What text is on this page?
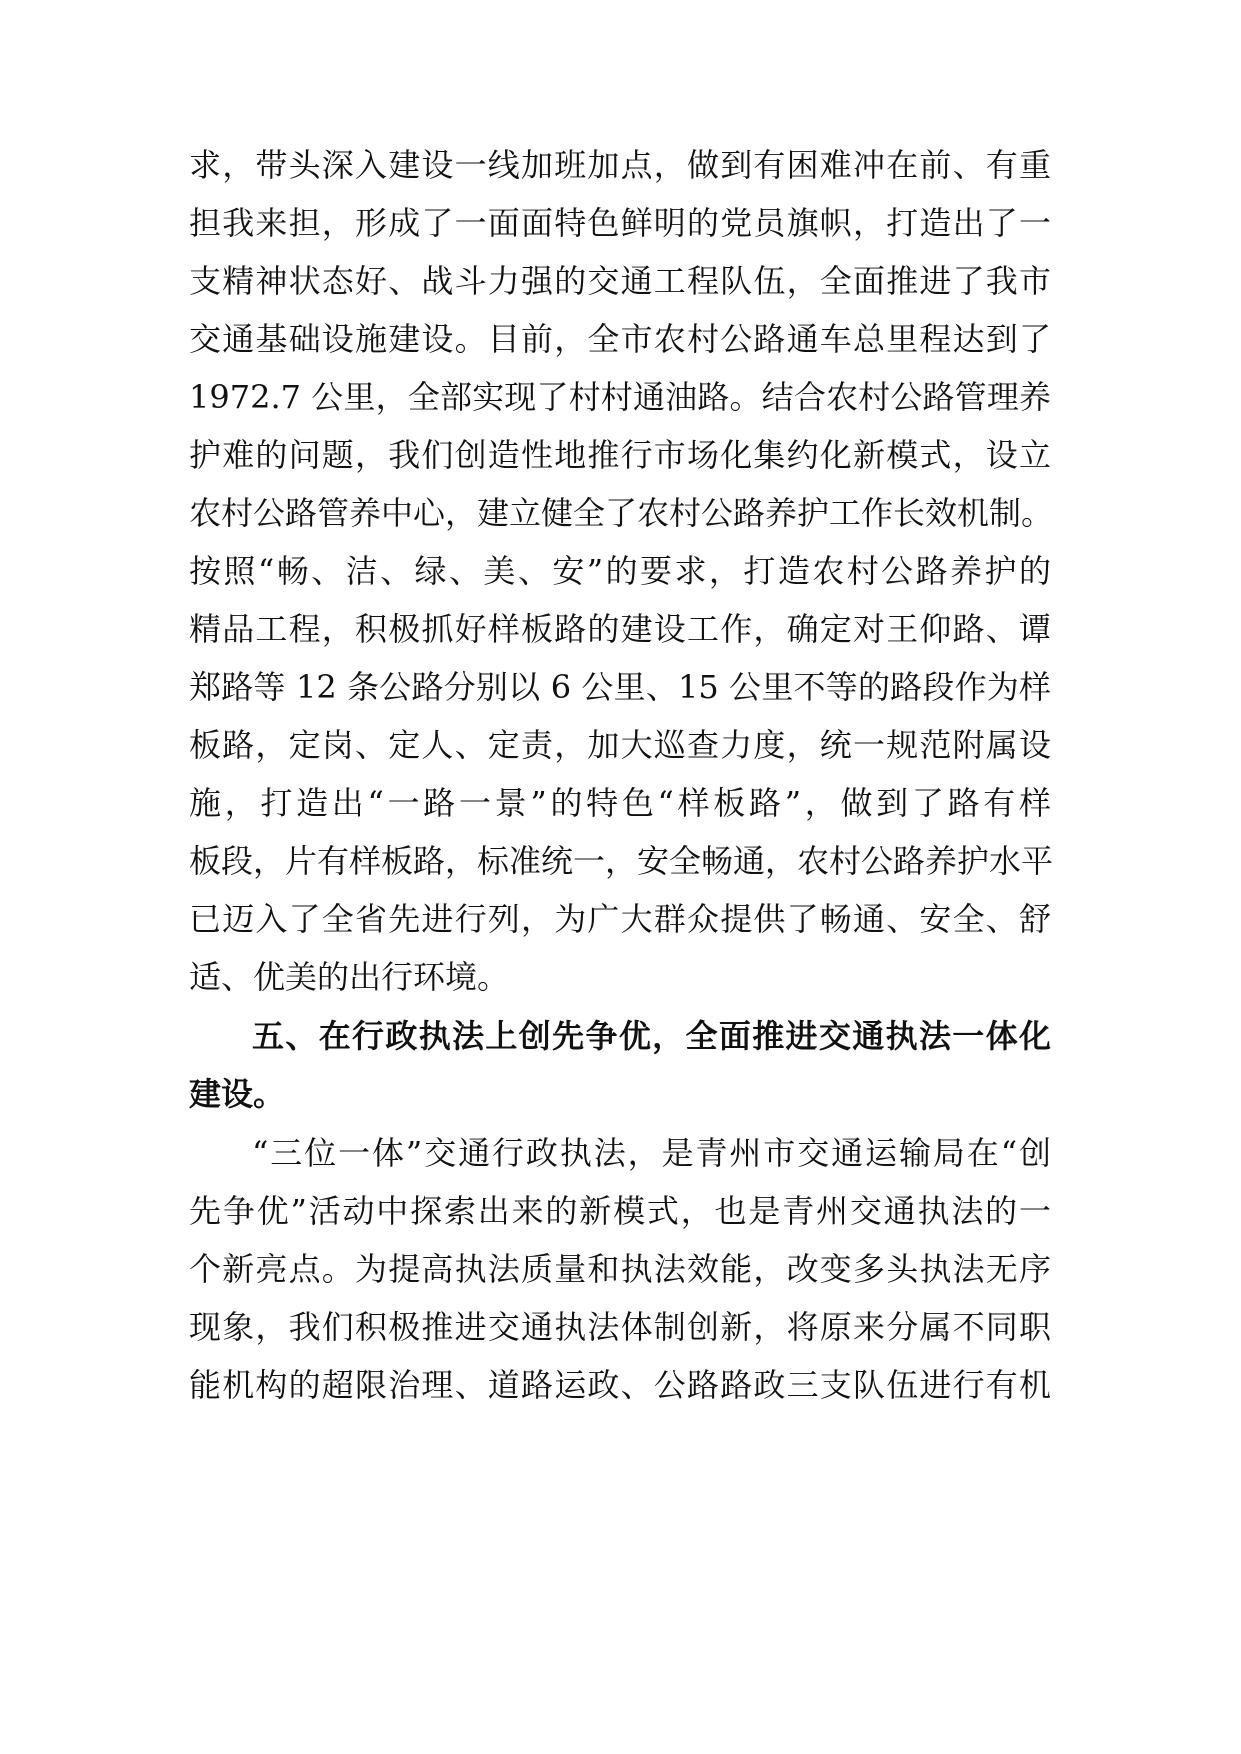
求，带头深入建设一线加班加点，做到有困难冲在前、有重
担我来担，形成了一面面特色鲜明的党员旗帜，打造出了一
支精神状态好、战斗力强的交通工程队伍，全面推进了我市
交通基础设施建设。目前，全市农村公路通车总里程达到了
1972.7 公里，全部实现了村村通油路。结合农村公路管理养
护难的问题，我们创造性地推行市场化集约化新模式，设立
农村公路管养中心，建立健全了农村公路养护工作长效机制。
按照“畅、洁、绿、美、安”的要求，打造农村公路养护的
精品工程，积极抓好样板路的建设工作，确定对王仰路、谭
郑路等 12 条公路分别以 6 公里、15 公里不等的路段作为样
板路，定岗、定人、定责，加大巡查力度，统一规范附属设
施，打造出“一路一景”的特色“样板路”，做到了路有样
板段，片有样板路，标准统一，安全畅通，农村公路养护水平
已迈入了全省先进行列，为广大群众提供了畅通、安全、舒
适、优美的出行环境。
五、在行政执法上创先争优，全面推进交通执法一体化
建设。
“三位一体”交通行政执法，是青州市交通运输局在“创
先争优”活动中探索出来的新模式，也是青州交通执法的一
个新亮点。为提高执法质量和执法效能，改变多头执法无序
现象，我们积极推进交通执法体制创新，将原来分属不同职
能机构的超限治理、道路运政、公路路政三支队伍进行有机
